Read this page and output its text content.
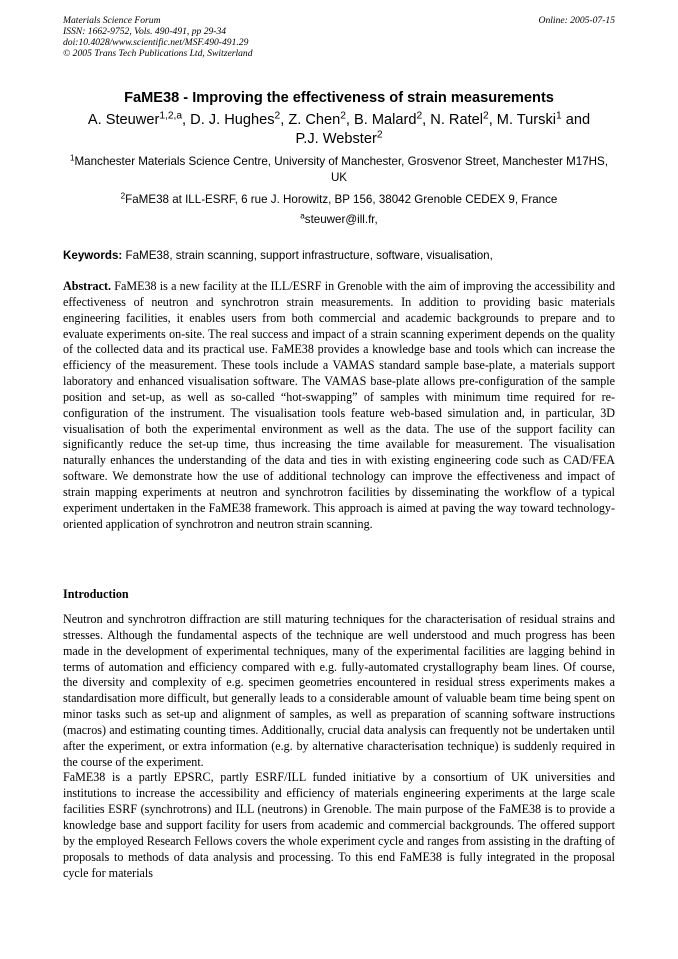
Materials Science Forum
ISSN: 1662-9752, Vols. 490-491, pp 29-34
doi:10.4028/www.scientific.net/MSF.490-491.29
© 2005 Trans Tech Publications Ltd, Switzerland
Online: 2005-07-15
FaME38 - Improving the effectiveness of strain measurements
A. Steuwer$^{1,2,a}$, D. J. Hughes$^2$, Z. Chen$^2$, B. Malard$^2$, N. Ratel$^2$, M. Turski$^1$ and
P.J. Webster$^2$
$^1$Manchester Materials Science Centre, University of Manchester, Grosvenor Street, Manchester M17HS, UK
$^2$FaME38 at ILL-ESRF, 6 rue J. Horowitz, BP 156, 38042 Grenoble CEDEX 9, France
$^a$steuwer@ill.fr,
Keywords: FaME38, strain scanning, support infrastructure, software, visualisation,
Abstract. FaME38 is a new facility at the ILL/ESRF in Grenoble with the aim of improving the accessibility and effectiveness of neutron and synchrotron strain measurements. In addition to providing basic materials engineering facilities, it enables users from both commercial and academic backgrounds to prepare and to evaluate experiments on-site. The real success and impact of a strain scanning experiment depends on the quality of the collected data and its practical use. FaME38 provides a knowledge base and tools which can increase the efficiency of the measurement. These tools include a VAMAS standard sample base-plate, a materials support laboratory and enhanced visualisation software. The VAMAS base-plate allows pre-configuration of the sample position and set-up, as well as so-called “hot-swapping” of samples with minimum time required for re-configuration of the instrument. The visualisation tools feature web-based simulation and, in particular, 3D visualisation of both the experimental environment as well as the data. The use of the support facility can significantly reduce the set-up time, thus increasing the time available for measurement. The visualisation naturally enhances the understanding of the data and ties in with existing engineering code such as CAD/FEA software. We demonstrate how the use of additional technology can improve the effectiveness and impact of strain mapping experiments at neutron and synchrotron facilities by disseminating the workflow of a typical experiment undertaken in the FaME38 framework. This approach is aimed at paving the way toward technology-oriented application of synchrotron and neutron strain scanning.
Introduction

Neutron and synchrotron diffraction are still maturing techniques for the characterisation of residual strains and stresses. Although the fundamental aspects of the technique are well understood and much progress has been made in the development of experimental techniques, many of the experimental facilities are lagging behind in terms of automation and efficiency compared with e.g. fully-automated crystallography beam lines. Of course, the diversity and complexity of e.g. specimen geometries encountered in residual stress experiments makes a standardisation more difficult, but generally leads to a considerable amount of valuable beam time being spent on minor tasks such as set-up and alignment of samples, as well as preparation of scanning software instructions (macros) and estimating counting times. Additionally, crucial data analysis can frequently not be undertaken until after the experiment, or extra information (e.g. by alternative characterisation technique) is suddenly required in the course of the experiment.

FaME38 is a partly EPSRC, partly ESRF/ILL funded initiative by a consortium of UK universities and institutions to increase the accessibility and efficiency of materials engineering experiments at the large scale facilities ESRF (synchrotrons) and ILL (neutrons) in Grenoble. The main purpose of the FaME38 is to provide a knowledge base and support facility for users from academic and commercial backgrounds. The offered support by the employed Research Fellows covers the whole experiment cycle and ranges from assisting in the drafting of proposals to methods of data analysis and processing. To this end FaME38 is fully integrated in the proposal cycle for materials
